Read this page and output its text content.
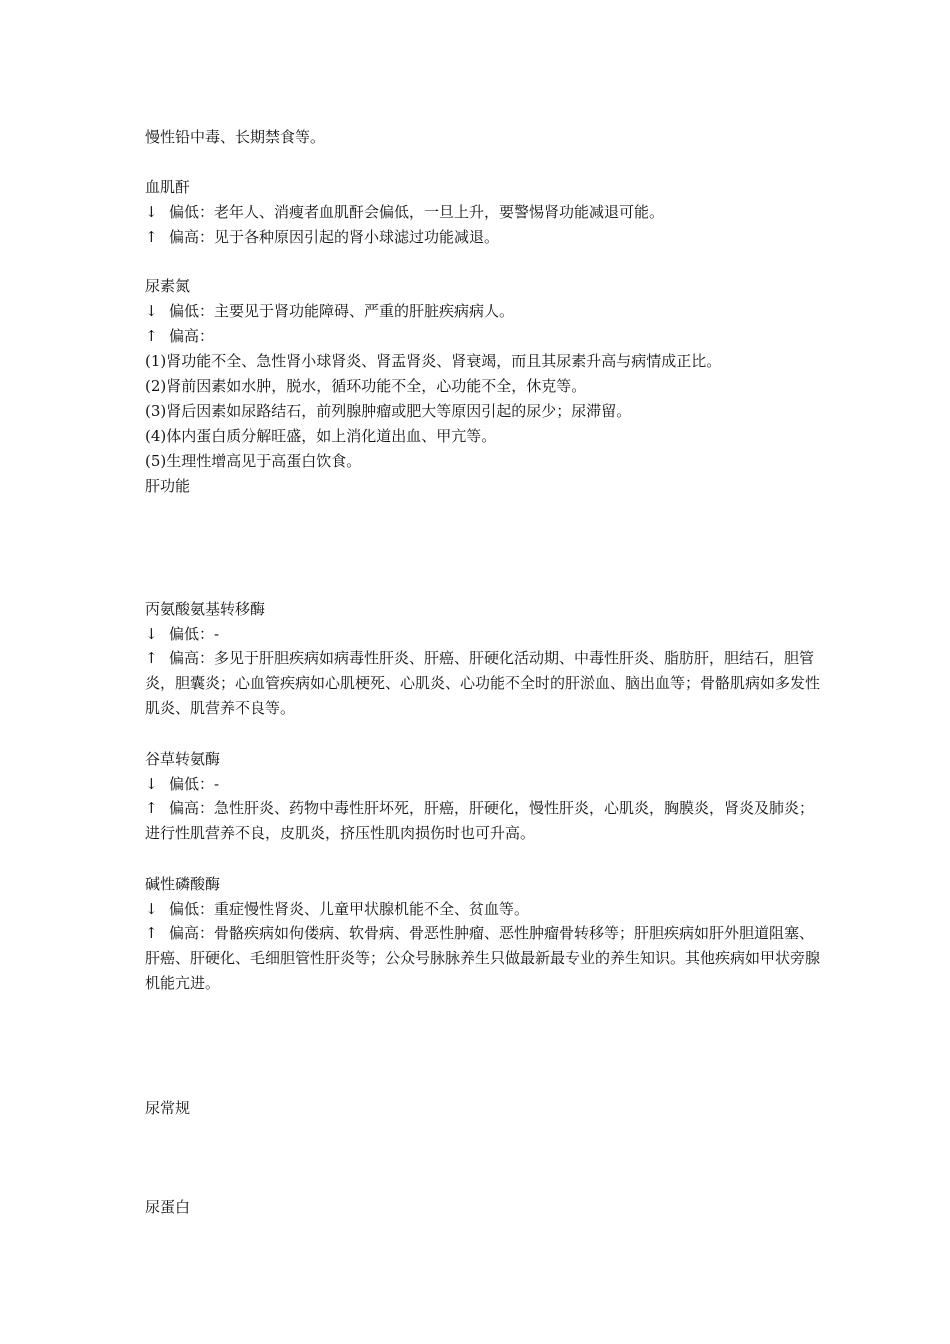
慢性铅中毒、长期禁食等。
血肌酐
↓ 偏低：老年人、消瘦者血肌酐会偏低，一旦上升，要警惕肾功能减退可能。
↑ 偏高：见于各种原因引起的肾小球滤过功能减退。
尿素氮
↓ 偏低：主要见于肾功能障碍、严重的肝脏疾病病人。
↑ 偏高：
(1)肾功能不全、急性肾小球肾炎、肾盂肾炎、肾衰竭，而且其尿素升高与病情成正比。
(2)肾前因素如水肿，脱水，循环功能不全，心功能不全，休克等。
(3)肾后因素如尿路结石，前列腺肿瘤或肥大等原因引起的尿少；尿滞留。
(4)体内蛋白质分解旺盛，如上消化道出血、甲亢等。
(5)生理性增高见于高蛋白饮食。
肝功能
丙氨酸氨基转移酶
↓ 偏低：-
↑ 偏高：多见于肝胆疾病如病毒性肝炎、肝癌、肝硬化活动期、中毒性肝炎、脂肪肝，胆结石，胆管炎，胆囊炎；心血管疾病如心肌梗死、心肌炎、心功能不全时的肝淤血、脑出血等；骨骼肌病如多发性肌炎、肌营养不良等。
谷草转氨酶
↓ 偏低：-
↑ 偏高：急性肝炎、药物中毒性肝坏死，肝癌，肝硬化，慢性肝炎，心肌炎，胸膜炎，肾炎及肺炎；进行性肌营养不良，皮肌炎，挤压性肌肉损伤时也可升高。
碱性磷酸酶
↓ 偏低：重症慢性肾炎、儿童甲状腺机能不全、贫血等。
↑ 偏高：骨骼疾病如佝偻病、软骨病、骨恶性肿瘤、恶性肿瘤骨转移等；肝胆疾病如肝外胆道阻塞、肝癌、肝硬化、毛细胆管性肝炎等；公众号脉脉养生只做最新最专业的养生知识。其他疾病如甲状旁腺机能亢进。
尿常规
尿蛋白
